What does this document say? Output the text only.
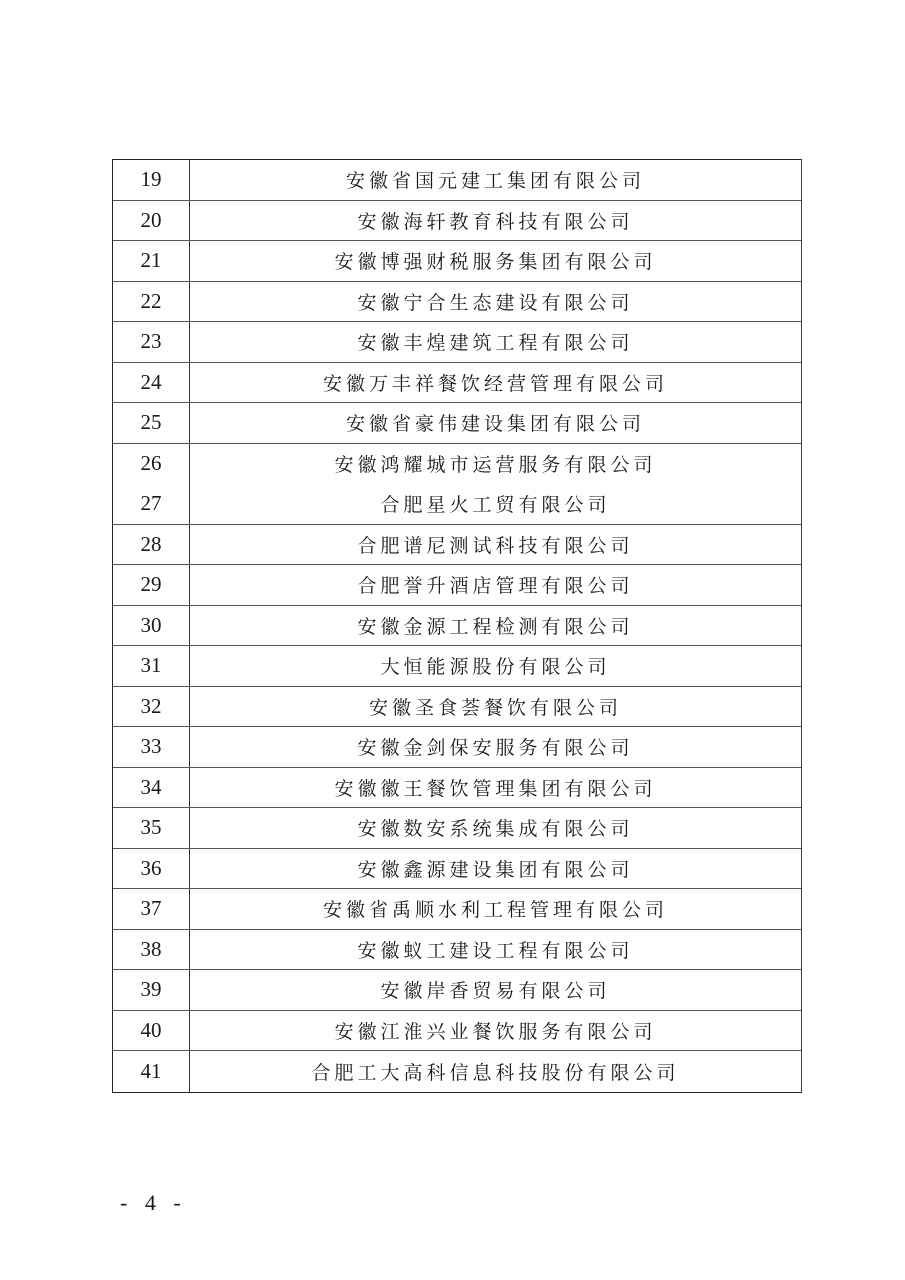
19	安徽省国元建工集团有限公司
20	安徽海轩教育科技有限公司
21	安徽博强财税服务集团有限公司
22	安徽宁合生态建设有限公司
23	安徽丰煌建筑工程有限公司
24	安徽万丰祥餐饮经营管理有限公司
25	安徽省豪伟建设集团有限公司
26	安徽鸿耀城市运营服务有限公司
27	合肥星火工贸有限公司
28	合肥谱尼测试科技有限公司
29	合肥誉升酒店管理有限公司
30	安徽金源工程检测有限公司
31	大恒能源股份有限公司
32	安徽圣食荟餐饮有限公司
33	安徽金剑保安服务有限公司
34	安徽徽王餐饮管理集团有限公司
35	安徽数安系统集成有限公司
36	安徽鑫源建设集团有限公司
37	安徽省禹顺水利工程管理有限公司
38	安徽蚁工建设工程有限公司
39	安徽岸香贸易有限公司
40	安徽江淮兴业餐饮服务有限公司
41	合肥工大高科信息科技股份有限公司
- 4 -
